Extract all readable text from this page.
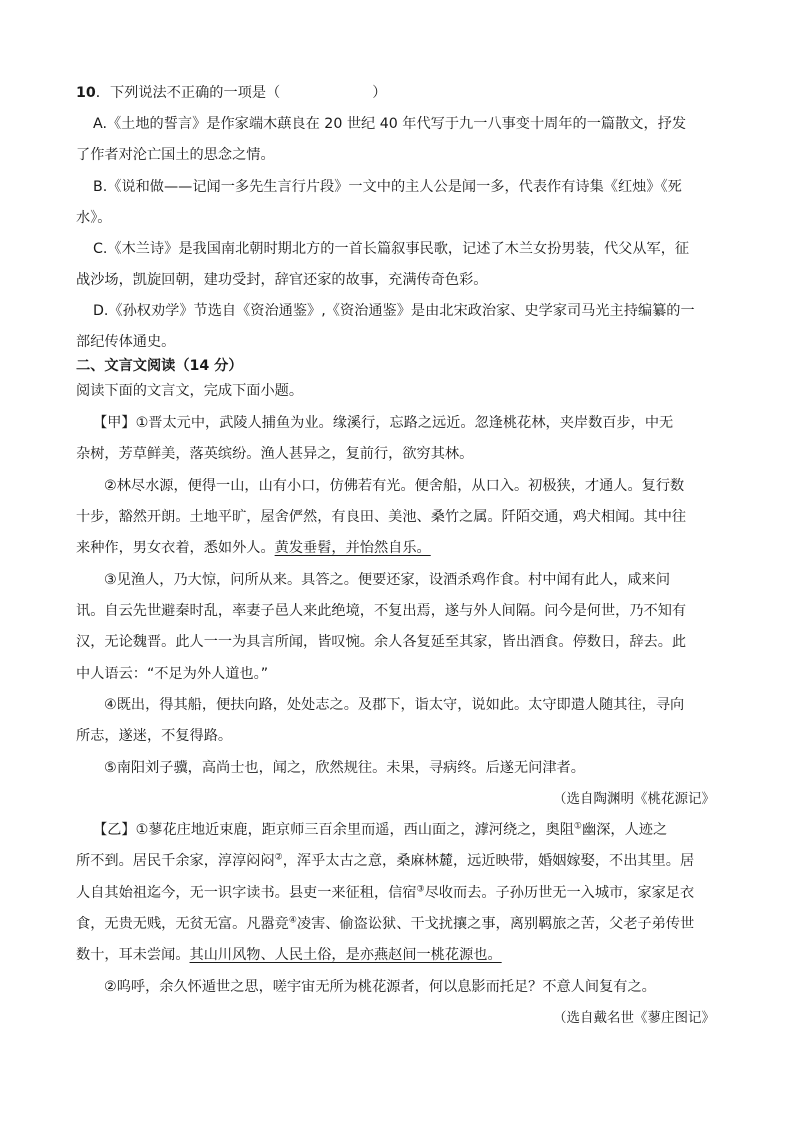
10．下列说法不正确的一项是（	）
A.《土地的誓言》是作家端木蕻良在 20 世纪 40 年代写于九一八事变十周年的一篇散文，抒发
了作者对沦亡国土的思念之情。
B.《说和做——记闻一多先生言行片段》一文中的主人公是闻一多，代表作有诗集《红烛》《死
水》。
C.《木兰诗》是我国南北朝时期北方的一首长篇叙事民歌，记述了木兰女扮男装，代父从军，征
战沙场，凯旋回朝，建功受封，辞官还家的故事，充满传奇色彩。
D.《孙权劝学》节选自《资治通鉴》,《资治通鉴》是由北宋政治家、史学家司马光主持编纂的一
部纪传体通史。
二、文言文阅读（14 分）
阅读下面的文言文，完成下面小题。
【甲】①晋太元中，武陵人捕鱼为业。缘溪行，忘路之远近。忽逢桃花林，夹岸数百步，中无
杂树，芳草鲜美，落英缤纷。渔人甚异之，复前行，欲穷其林。
②林尽水源，便得一山，山有小口，仿佛若有光。便舍船，从口入。初极狭，才通人。复行数
十步，豁然开朗。土地平旷，屋舍俨然，有良田、美池、桑竹之属。阡陌交通，鸡犬相闻。其中往
来种作，男女衣着，悉如外人。黄发垂髫，并怡然自乐。
③见渔人，乃大惊，问所从来。具答之。便要还家，设酒杀鸡作食。村中闻有此人，咸来问
讯。自云先世避秦时乱，率妻子邑人来此绝境，不复出焉，遂与外人间隔。问今是何世，乃不知有
汉，无论魏晋。此人一一为具言所闻，皆叹惋。余人各复延至其家，皆出酒食。停数日，辞去。此
中人语云：“不足为外人道也。”
④既出，得其船，便扶向路，处处志之。及郡下，诣太守，说如此。太守即遣人随其往，寻向
所志，遂迷，不复得路。
⑤南阳刘子骥，高尚士也，闻之，欣然规往。未果，寻病终。后遂无问津者。
（选自陶渊明《桃花源记》
【乙】①蓼花庄地近束鹿，距京师三百余里而遥，西山面之，滹河绕之，奥阻①幽深，人迹之
所不到。居民千余家，淳淳闷闷②，浑乎太古之意，桑麻林麓，远近映带，婚姻嫁娶，不出其里。居
人自其始祖迄今，无一识字读书。县吏一来征租，信宿③尽收而去。子孙历世无一入城市，家家足衣
食，无贵无贱，无贫无富。凡嚣竞④凌害、偷盗讼狱、干戈扰攘之事，离别羁旅之苦，父老子弟传世
数十，耳未尝闻。其山川风物、人民土俗，是亦燕赵间一桃花源也。
②呜呼，余久怀遁世之思，嗟宇宙无所为桃花源者，何以息影而托足？不意人间复有之。
（选自戴名世《蓼庄图记》
